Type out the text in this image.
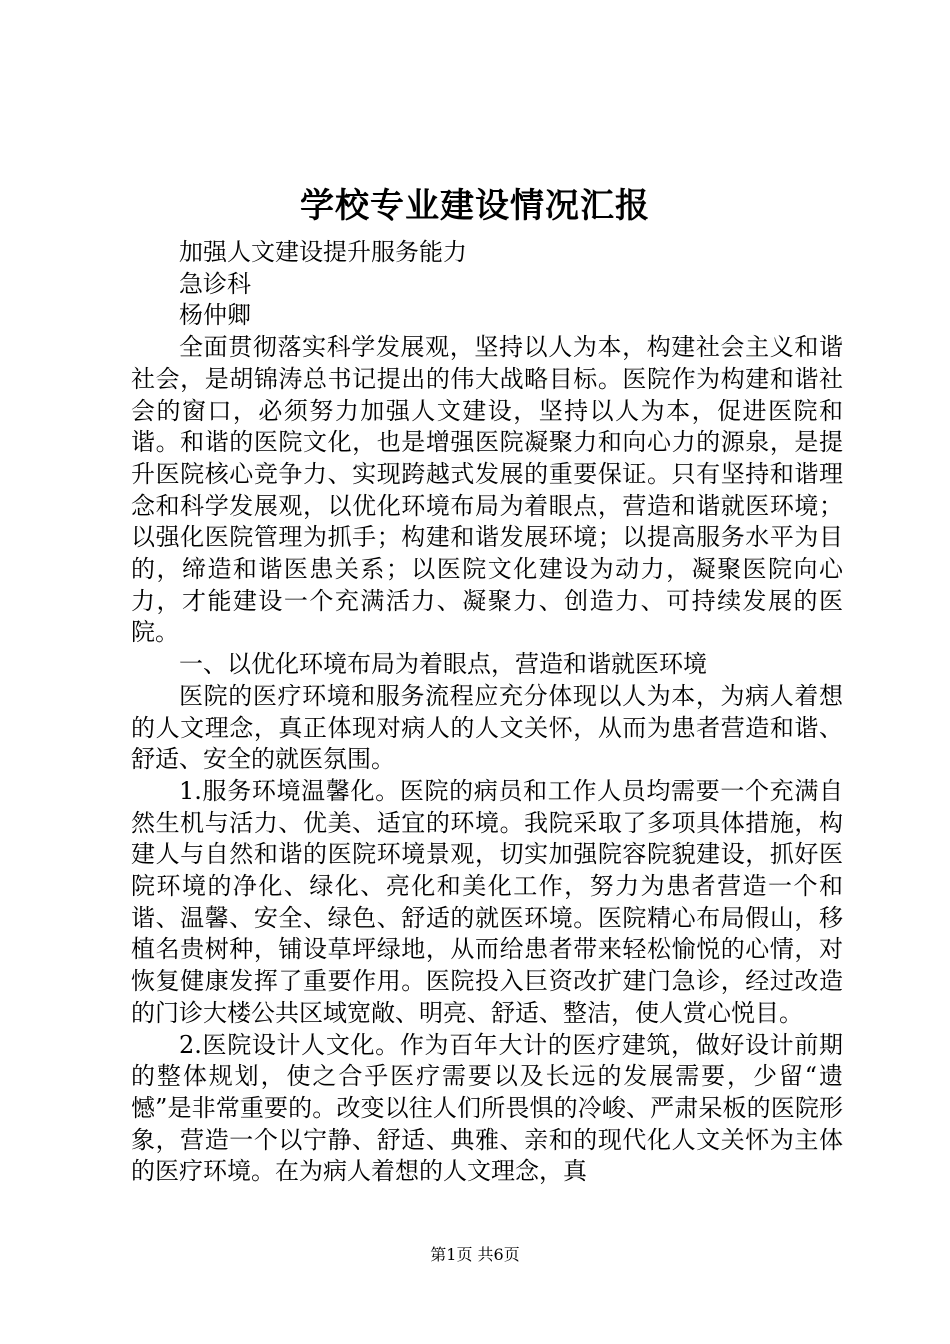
学校专业建设情况汇报

加强人文建设提升服务能力

急诊科

杨仲卿

全面贯彻落实科学发展观，坚持以人为本，构建社会主义和谐社会，是胡锦涛总书记提出的伟大战略目标。医院作为构建和谐社会的窗口，必须努力加强人文建设，坚持以人为本，促进医院和谐。和谐的医院文化，也是增强医院凝聚力和向心力的源泉，是提升医院核心竞争力、实现跨越式发展的重要保证。只有坚持和谐理念和科学发展观，以优化环境布局为着眼点，营造和谐就医环境；以强化医院管理为抓手；构建和谐发展环境；以提高服务水平为目的，缔造和谐医患关系；以医院文化建设为动力，凝聚医院向心力，才能建设一个充满活力、凝聚力、创造力、可持续发展的医院。

一、以优化环境布局为着眼点，营造和谐就医环境

医院的医疗环境和服务流程应充分体现以人为本，为病人着想的人文理念，真正体现对病人的人文关怀，从而为患者营造和谐、舒适、安全的就医氛围。

1.服务环境温馨化。医院的病员和工作人员均需要一个充满自然生机与活力、优美、适宜的环境。我院采取了多项具体措施，构建人与自然和谐的医院环境景观，切实加强院容院貌建设，抓好医院环境的净化、绿化、亮化和美化工作，努力为患者营造一个和谐、温馨、安全、绿色、舒适的就医环境。医院精心布局假山，移植名贵树种，铺设草坪绿地，从而给患者带来轻松愉悦的心情，对恢复健康发挥了重要作用。医院投入巨资改扩建门急诊，经过改造的门诊大楼公共区域宽敞、明亮、舒适、整洁，使人赏心悦目。

2.医院设计人文化。作为百年大计的医疗建筑，做好设计前期的整体规划，使之合乎医疗需要以及长远的发展需要，少留“遗憾”是非常重要的。改变以往人们所畏惧的冷峻、严肃呆板的医院形象，营造一个以宁静、舒适、典雅、亲和的现代化人文关怀为主体的医疗环境。在为病人着想的人文理念，真

第1页 共6页
